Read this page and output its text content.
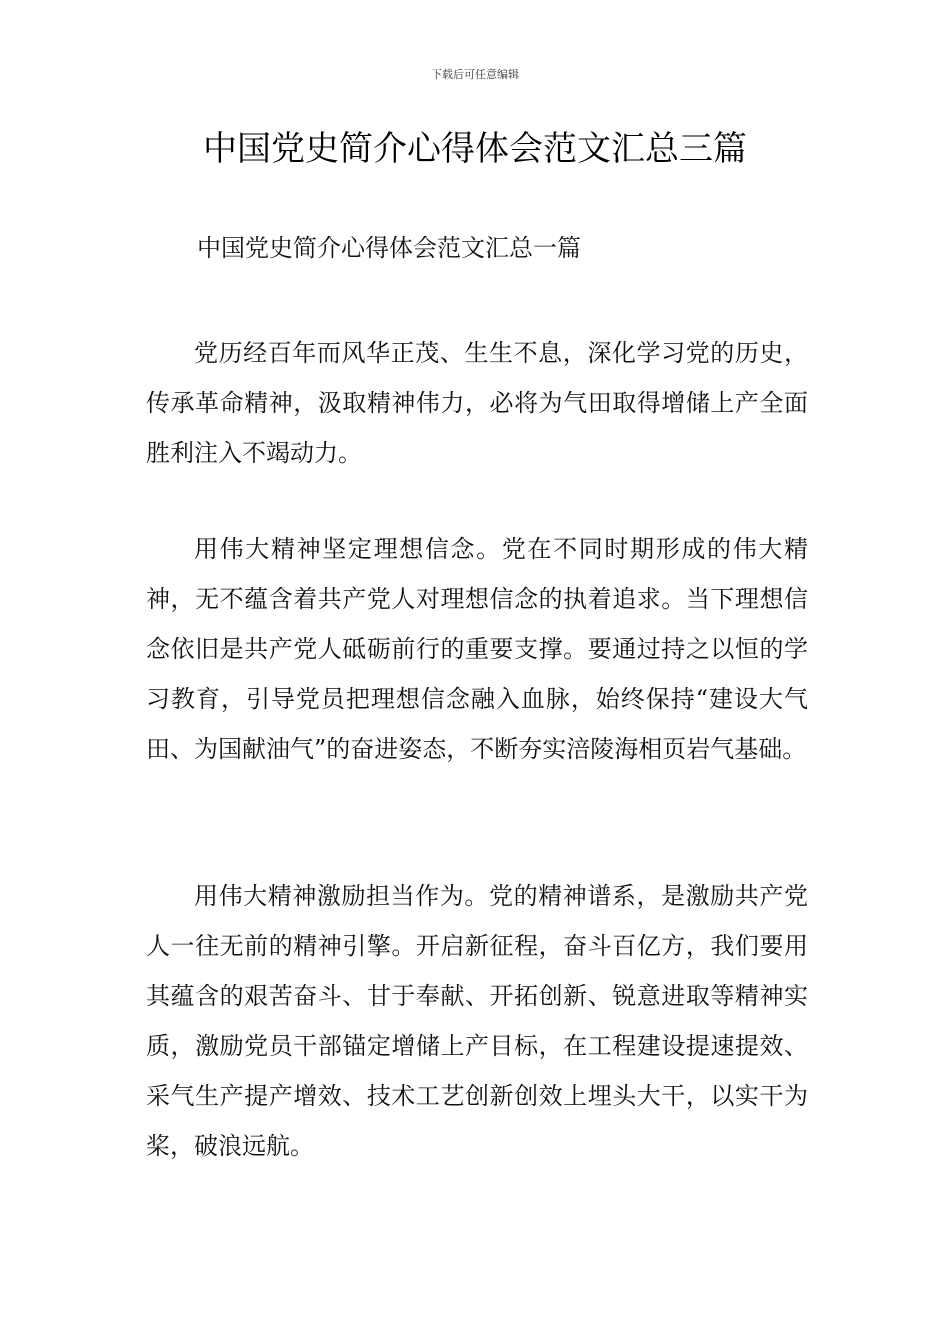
下载后可任意编辑
中国党史简介心得体会范文汇总三篇
中国党史简介心得体会范文汇总一篇

党历经百年而风华正茂、生生不息，深化学习党的历史，传承革命精神，汲取精神伟力，必将为气田取得增储上产全面胜利注入不竭动力。

用伟大精神坚定理想信念。党在不同时期形成的伟大精神，无不蕴含着共产党人对理想信念的执着追求。当下理想信念依旧是共产党人砥砺前行的重要支撑。要通过持之以恒的学习教育，引导党员把理想信念融入血脉，始终保持“建设大气田、为国献油气”的奋进姿态，不断夯实涪陵海相页岩气基础。

用伟大精神激励担当作为。党的精神谱系，是激励共产党人一往无前的精神引擎。开启新征程，奋斗百亿方，我们要用其蕴含的艰苦奋斗、甘于奉献、开拓创新、锐意进取等精神实质，激励党员干部锚定增储上产目标，在工程建设提速提效、采气生产提产增效、技术工艺创新创效上埋头大干，以实干为桨，破浪远航。
